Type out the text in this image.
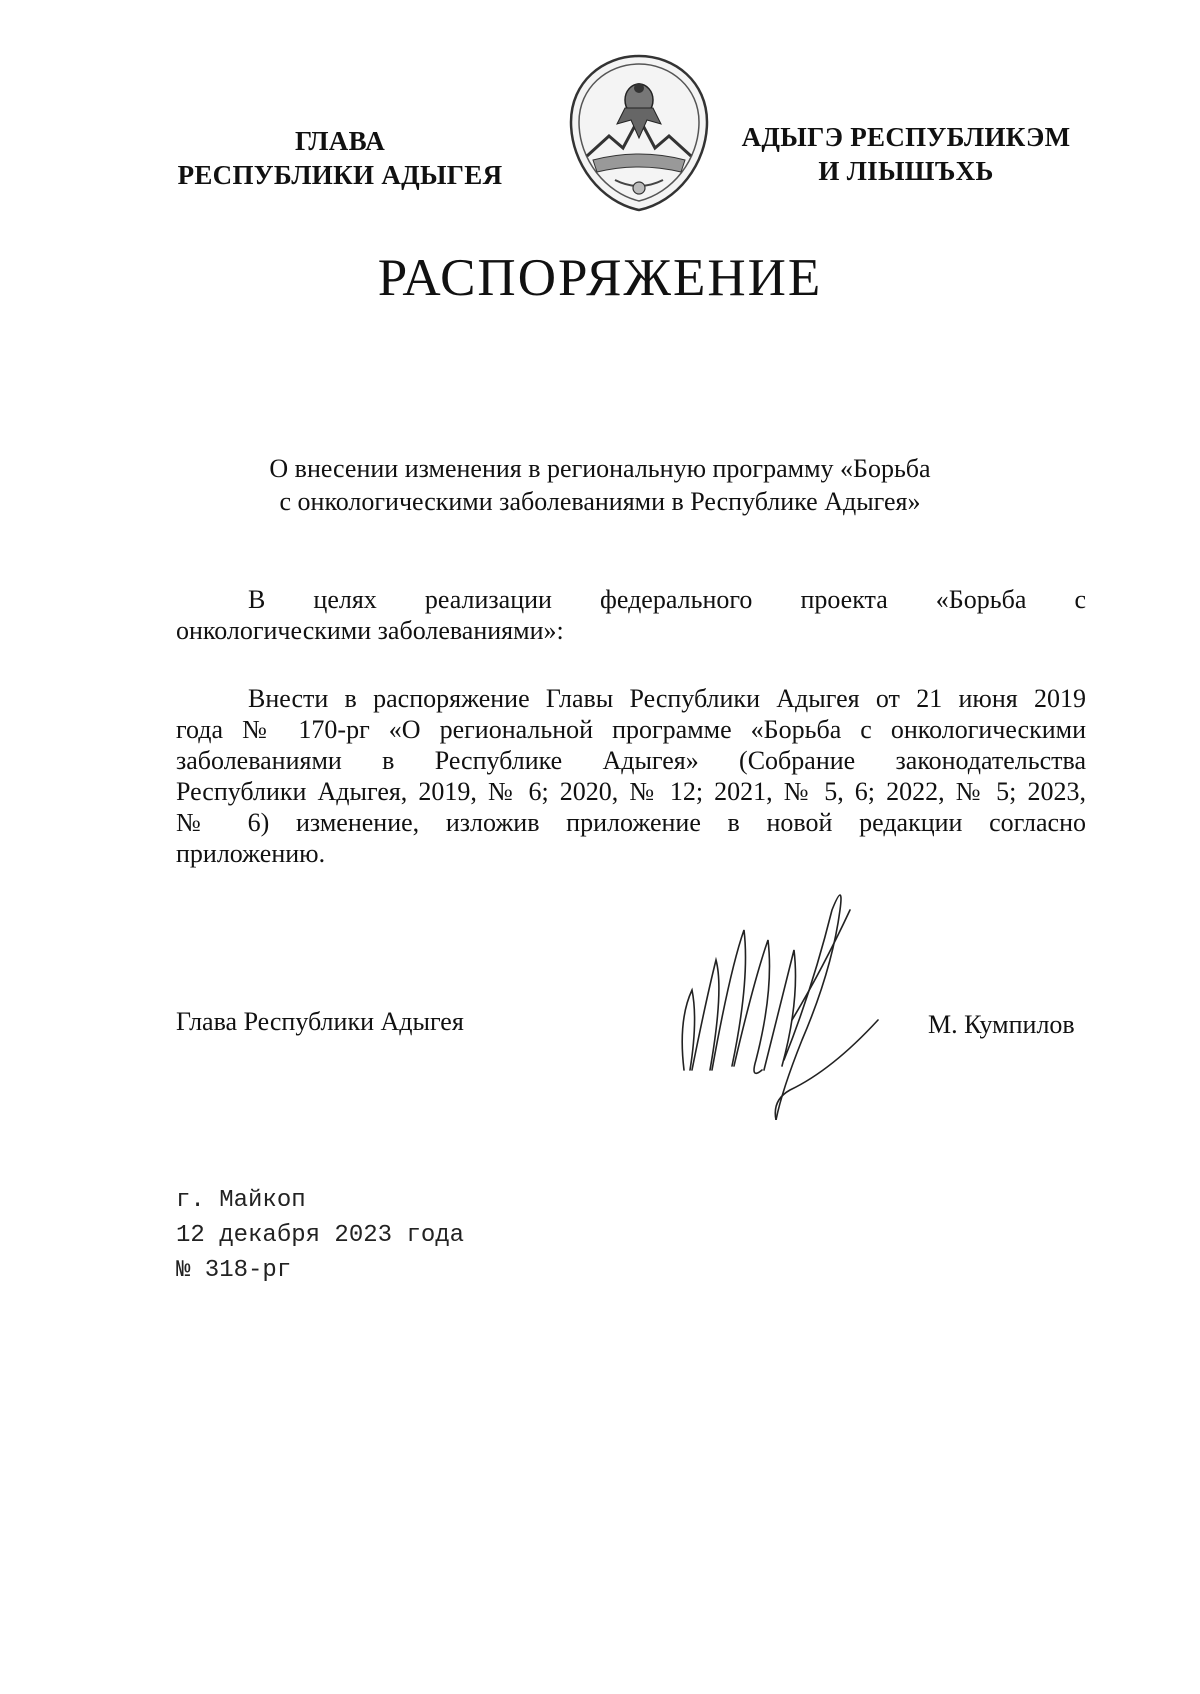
ГЛАВА
РЕСПУБЛИКИ АДЫГЕЯ
АДЫГЭ РЕСПУБЛИКЭМ
И ЛІЫШЪХЬ
РАСПОРЯЖЕНИЕ
О внесении изменения в региональную программу «Борьба
с онкологическими заболеваниями в Республике Адыгея»
В целях реализации федерального проекта «Борьба с
онкологическими заболеваниями»:
Внести в распоряжение Главы Республики Адыгея от 21 июня 2019
года № 170-рг «О региональной программе «Борьба с онкологическими
заболеваниями в Республике Адыгея» (Собрание законодательства
Республики Адыгея, 2019, № 6; 2020, № 12; 2021, № 5, 6; 2022, № 5; 2023,
№ 6) изменение, изложив приложение в новой редакции согласно
приложению.
Глава Республики Адыгея	М. Кумпилов
г. Майкоп
12 декабря 2023 года
№ 318-рг
